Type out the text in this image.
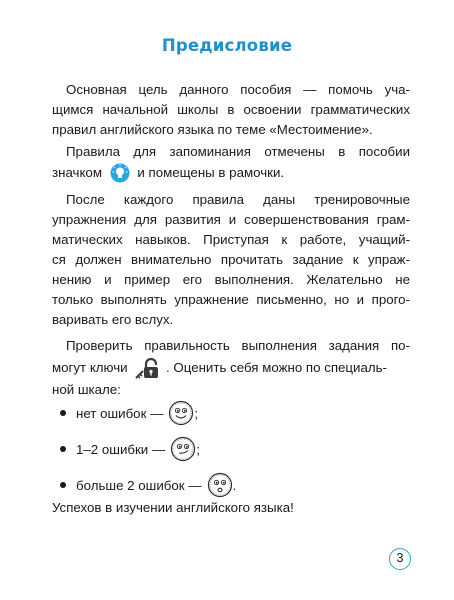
Предисловие
Основная цель данного пособия — помочь уча-
щимся начальной школы в освоении грамматических
правил английского языка по теме «Местоимение».
Правила для запоминания отмечены в пособии
значком	и помещены в рамочки.
После каждого правила даны тренировочные
упражнения для развития и совершенствования грам-
матических навыков. Приступая к работе, учащий-
ся должен внимательно прочитать задание к упраж-
нению и пример его выполнения. Желательно не
только выполнять упражнение письменно, но и прого-
варивать его вслух.
Проверить правильность выполнения задания по-
могут ключи	. Оценить себя можно по специаль-
ной шкале:
нет ошибок — ;
1–2 ошибки — ;
больше 2 ошибок — .
Успехов в изучении английского языка!
3
